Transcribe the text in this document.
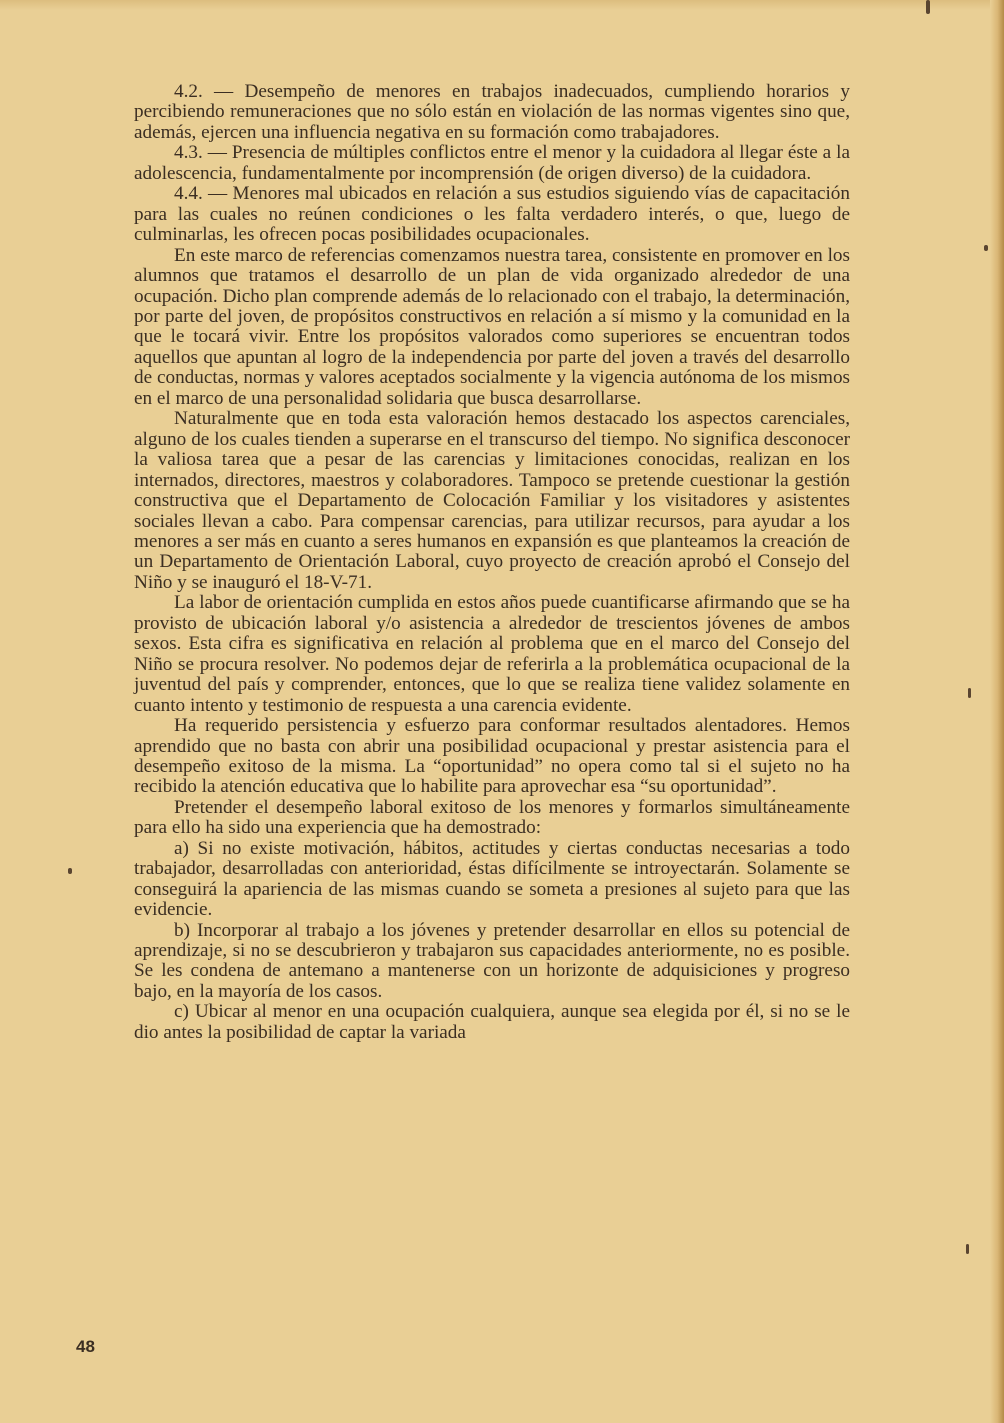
4.2. — Desempeño de menores en trabajos inadecuados, cumpliendo horarios y percibiendo remuneraciones que no sólo están en violación de las normas vigentes sino que, además, ejercen una influencia negativa en su formación como trabajadores.

4.3. — Presencia de múltiples conflictos entre el menor y la cuidadora al llegar éste a la adolescencia, fundamentalmente por incomprensión (de origen diverso) de la cuidadora.

4.4. — Menores mal ubicados en relación a sus estudios siguiendo vías de capacitación para las cuales no reúnen condiciones o les falta verdadero interés, o que, luego de culminarlas, les ofrecen pocas posibilidades ocupacionales.

En este marco de referencias comenzamos nuestra tarea, consistente en promover en los alumnos que tratamos el desarrollo de un plan de vida organizado alrededor de una ocupación. Dicho plan comprende además de lo relacionado con el trabajo, la determinación, por parte del joven, de propósitos constructivos en relación a sí mismo y la comunidad en la que le tocará vivir. Entre los propósitos valorados como superiores se encuentran todos aquellos que apuntan al logro de la independencia por parte del joven a través del desarrollo de conductas, normas y valores aceptados socialmente y la vigencia autónoma de los mismos en el marco de una personalidad solidaria que busca desarrollarse.

Naturalmente que en toda esta valoración hemos destacado los aspectos carenciales, alguno de los cuales tienden a superarse en el transcurso del tiempo. No significa desconocer la valiosa tarea que a pesar de las carencias y limitaciones conocidas, realizan en los internados, directores, maestros y colaboradores. Tampoco se pretende cuestionar la gestión constructiva que el Departamento de Colocación Familiar y los visitadores y asistentes sociales llevan a cabo. Para compensar carencias, para utilizar recursos, para ayudar a los menores a ser más en cuanto a seres humanos en expansión es que planteamos la creación de un Departamento de Orientación Laboral, cuyo proyecto de creación aprobó el Consejo del Niño y se inauguró el 18-V-71.

La labor de orientación cumplida en estos años puede cuantificarse afirmando que se ha provisto de ubicación laboral y/o asistencia a alrededor de trescientos jóvenes de ambos sexos. Esta cifra es significativa en relación al problema que en el marco del Consejo del Niño se procura resolver. No podemos dejar de referirla a la problemática ocupacional de la juventud del país y comprender, entonces, que lo que se realiza tiene validez solamente en cuanto intento y testimonio de respuesta a una carencia evidente.

Ha requerido persistencia y esfuerzo para conformar resultados alentadores. Hemos aprendido que no basta con abrir una posibilidad ocupacional y prestar asistencia para el desempeño exitoso de la misma. La “oportunidad” no opera como tal si el sujeto no ha recibido la atención educativa que lo habilite para aprovechar esa “su oportunidad”.

Pretender el desempeño laboral exitoso de los menores y formarlos simultáneamente para ello ha sido una experiencia que ha demostrado:

a) Si no existe motivación, hábitos, actitudes y ciertas conductas necesarias a todo trabajador, desarrolladas con anterioridad, éstas difícilmente se introyectarán. Solamente se conseguirá la apariencia de las mismas cuando se someta a presiones al sujeto para que las evidencie.

b) Incorporar al trabajo a los jóvenes y pretender desarrollar en ellos su potencial de aprendizaje, si no se descubrieron y trabajaron sus capacidades anteriormente, no es posible. Se les condena de antemano a mantenerse con un horizonte de adquisiciones y progreso bajo, en la mayoría de los casos.

c) Ubicar al menor en una ocupación cualquiera, aunque sea elegida por él, si no se le dio antes la posibilidad de captar la variada

48
